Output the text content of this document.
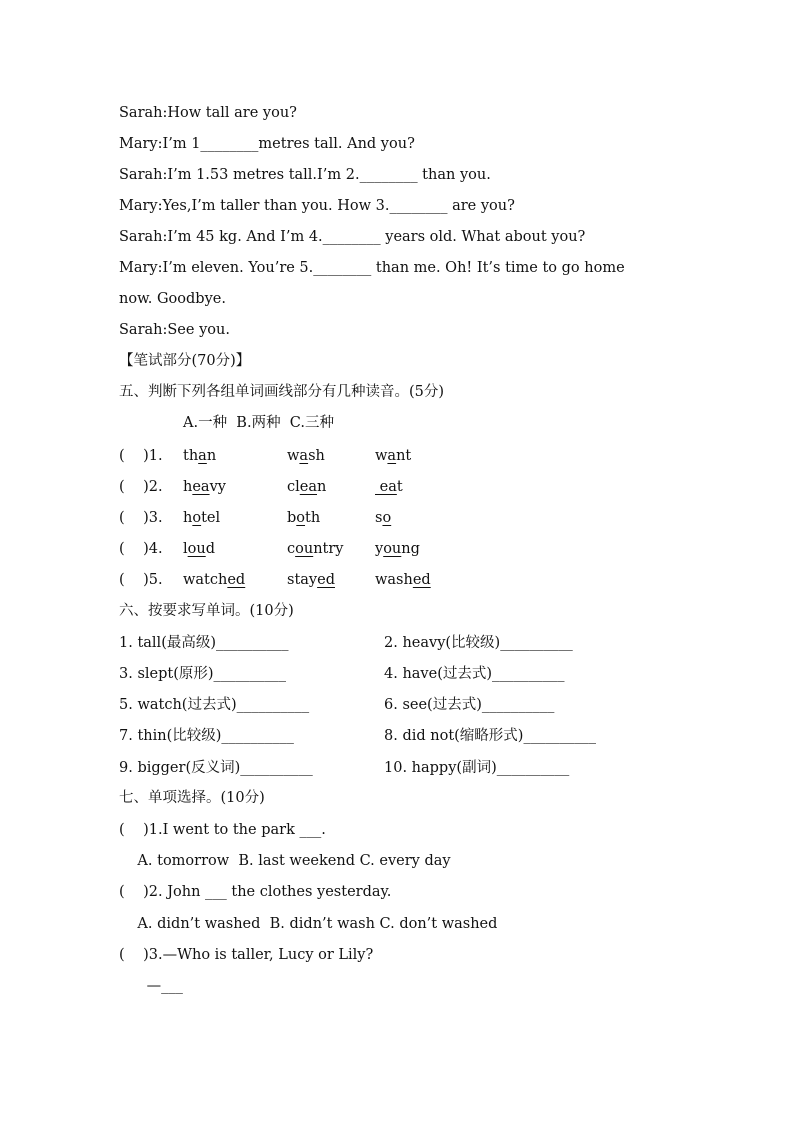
Sarah:How tall are you?
Mary:I’m 1________metres tall. And you?
Sarah:I’m 1.53 metres tall.I’m 2.________ than you.
Mary:Yes,I’m taller than you. How 3.________ are you?
Sarah:I’m 45 kg. And I’m 4.________ years old. What about you?
Mary:I’m eleven. You’re 5.________ than me. Oh! It’s time to go home
now. Goodbye.
Sarah:See you.
【笔试部分(70分)】
五、判断下列各组单词画线部分有几种读音。(5分)
A.一种  B.两种  C.三种
(    )1. than	wash	want
(    )2. heavy	clean	eat
(    )3. hotel	both	so
(    )4. loud	country young
(    )5. watched	stayed	washed
六、按要求写单词。(10分)
1. tall(最高级)__________	2. heavy(比较级)__________
3. slept(原形)__________	4. have(过去式)__________
5. watch(过去式)__________	6. see(过去式)__________
7. thin(比较级)__________	8. did not(缩略形式)__________
9. bigger(反义词)__________	10. happy(副词)__________
七、单项选择。(10分)
(    )1.I went to the park ___.
A. tomorrow  B. last weekend C. every day
(    )2. John ___ the clothes yesterday.
A. didn’t washed  B. didn’t wash C. don’t washed
(    )3.—Who is taller, Lucy or Lily?
—___
